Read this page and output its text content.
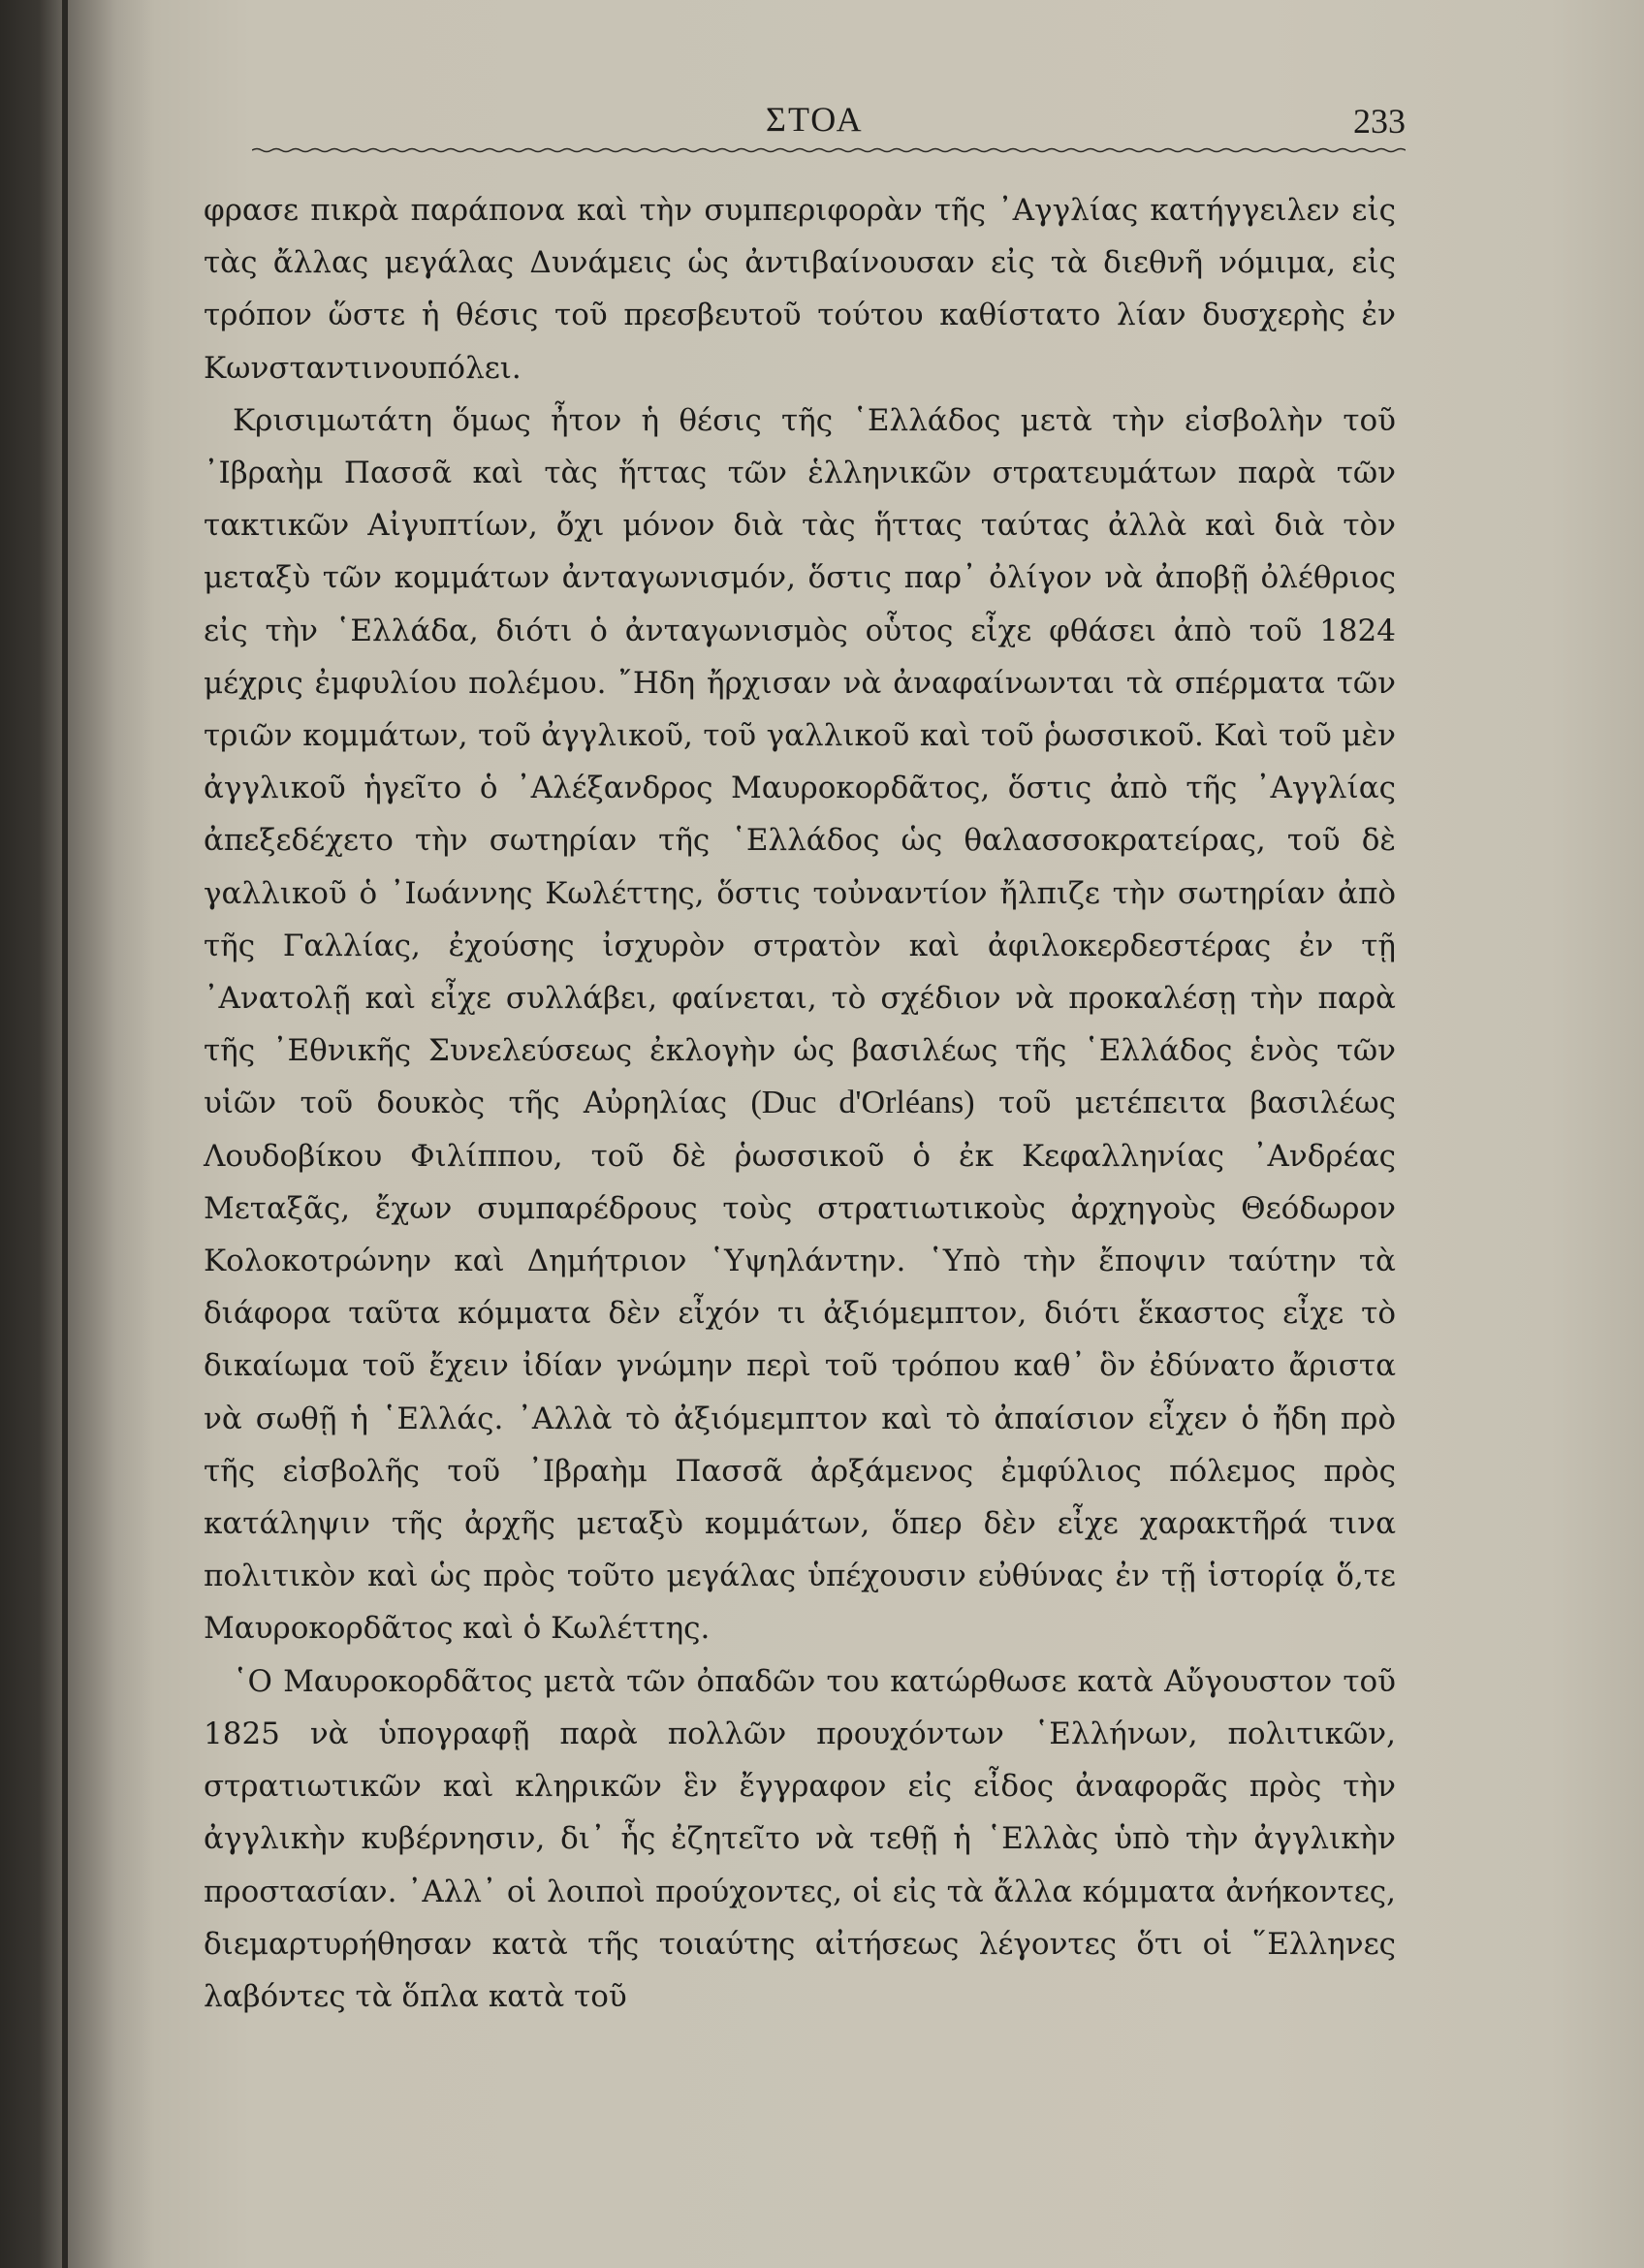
ΣΤΟΑ	233

φρασε πικρὰ παράπονα καὶ τὴν συμπεριφορὰν τῆς ᾿Αγγλίας κατήγγειλεν εἰς τὰς ἄλλας μεγάλας Δυνάμεις ὡς ἀντιβαίνουσαν εἰς τὰ διεθνῆ νόμιμα, εἰς τρόπον ὥστε ἡ θέσις τοῦ πρεσβευτοῦ τούτου καθίστατο λίαν δυσχερὴς ἐν Κωνσταντινουπόλει.

Κρισιμωτάτη ὅμως ἦτον ἡ θέσις τῆς ῾Ελλάδος μετὰ τὴν εἰσβολὴν τοῦ ᾿Ιβραὴμ Πασσᾶ καὶ τὰς ἥττας τῶν ἑλληνικῶν στρατευμάτων παρὰ τῶν τακτικῶν Αἰγυπτίων, ὄχι μόνον διὰ τὰς ἥττας ταύτας ἀλλὰ καὶ διὰ τὸν μεταξὺ τῶν κομμάτων ἀνταγωνισμόν, ὅστις παρ᾿ ὀλίγον νὰ ἀποβῇ ὀλέθριος εἰς τὴν ῾Ελλάδα, διότι ὁ ἀνταγωνισμὸς οὗτος εἶχε φθάσει ἀπὸ τοῦ 1824 μέχρις ἐμφυλίου πολέμου. ῎Ηδη ἤρχισαν νὰ ἀναφαίνωνται τὰ σπέρματα τῶν τριῶν κομμάτων, τοῦ ἀγγλικοῦ, τοῦ γαλλικοῦ καὶ τοῦ ῥωσσικοῦ. Καὶ τοῦ μὲν ἀγγλικοῦ ἡγεῖτο ὁ ᾿Αλέξανδρος Μαυροκορδᾶτος, ὅστις ἀπὸ τῆς ᾿Αγγλίας ἀπεξεδέχετο τὴν σωτηρίαν τῆς ῾Ελλάδος ὡς θαλασσοκρατείρας, τοῦ δὲ γαλλικοῦ ὁ ᾿Ιωάννης Κωλέττης, ὅστις τοὐναντίον ἤλπιζε τὴν σωτηρίαν ἀπὸ τῆς Γαλλίας, ἐχούσης ἰσχυρὸν στρατὸν καὶ ἀφιλοκερδεστέρας ἐν τῇ ᾿Ανατολῇ καὶ εἶχε συλλάβει, φαίνεται, τὸ σχέδιον νὰ προκαλέσῃ τὴν παρὰ τῆς ᾿Εθνικῆς Συνελεύσεως ἐκλογὴν ὡς βασιλέως τῆς ῾Ελλάδος ἑνὸς τῶν υἱῶν τοῦ δουκὸς τῆς Αὐρηλίας (Duc d'Orléans) τοῦ μετέπειτα βασιλέως Λουδοβίκου Φιλίππου, τοῦ δὲ ῥωσσικοῦ ὁ ἐκ Κεφαλληνίας ᾿Ανδρέας Μεταξᾶς, ἔχων συμπαρέδρους τοὺς στρατιωτικοὺς ἀρχηγοὺς Θεόδωρον Κολοκοτρώνην καὶ Δημήτριον ῾Υψηλάντην. ῾Υπὸ τὴν ἔποψιν ταύτην τὰ διάφορα ταῦτα κόμματα δὲν εἶχόν τι ἀξιόμεμπτον, διότι ἕκαστος εἶχε τὸ δικαίωμα τοῦ ἔχειν ἰδίαν γνώμην περὶ τοῦ τρόπου καθ᾿ ὃν ἐδύνατο ἄριστα νὰ σωθῇ ἡ ῾Ελλάς. ᾿Αλλὰ τὸ ἀξιόμεμπτον καὶ τὸ ἀπαίσιον εἶχεν ὁ ἤδη πρὸ τῆς εἰσβολῆς τοῦ ᾿Ιβραὴμ Πασσᾶ ἀρξάμενος ἐμφύλιος πόλεμος πρὸς κατάληψιν τῆς ἀρχῆς μεταξὺ κομμάτων, ὅπερ δὲν εἶχε χαρακτῆρά τινα πολιτικὸν καὶ ὡς πρὸς τοῦτο μεγάλας ὑπέχουσιν εὐθύνας ἐν τῇ ἱστορίᾳ ὅ,τε Μαυροκορδᾶτος καὶ ὁ Κωλέττης.

῾Ο Μαυροκορδᾶτος μετὰ τῶν ὀπαδῶν του κατώρθωσε κατὰ Αὔγουστον τοῦ 1825 νὰ ὑπογραφῇ παρὰ πολλῶν προυχόντων ῾Ελλήνων, πολιτικῶν, στρατιωτικῶν καὶ κληρικῶν ἓν ἔγγραφον εἰς εἶδος ἀναφορᾶς πρὸς τὴν ἀγγλικὴν κυβέρνησιν, δι᾿ ἧς ἐζητεῖτο νὰ τεθῇ ἡ ῾Ελλὰς ὑπὸ τὴν ἀγγλικὴν προστασίαν. ᾿Αλλ᾿ οἱ λοιποὶ προύχοντες, οἱ εἰς τὰ ἄλλα κόμματα ἀνήκοντες, διεμαρτυρήθησαν κατὰ τῆς τοιαύτης αἰτήσεως λέγοντες ὅτι οἱ ῞Ελληνες λαβόντες τὰ ὅπλα κατὰ τοῦ
